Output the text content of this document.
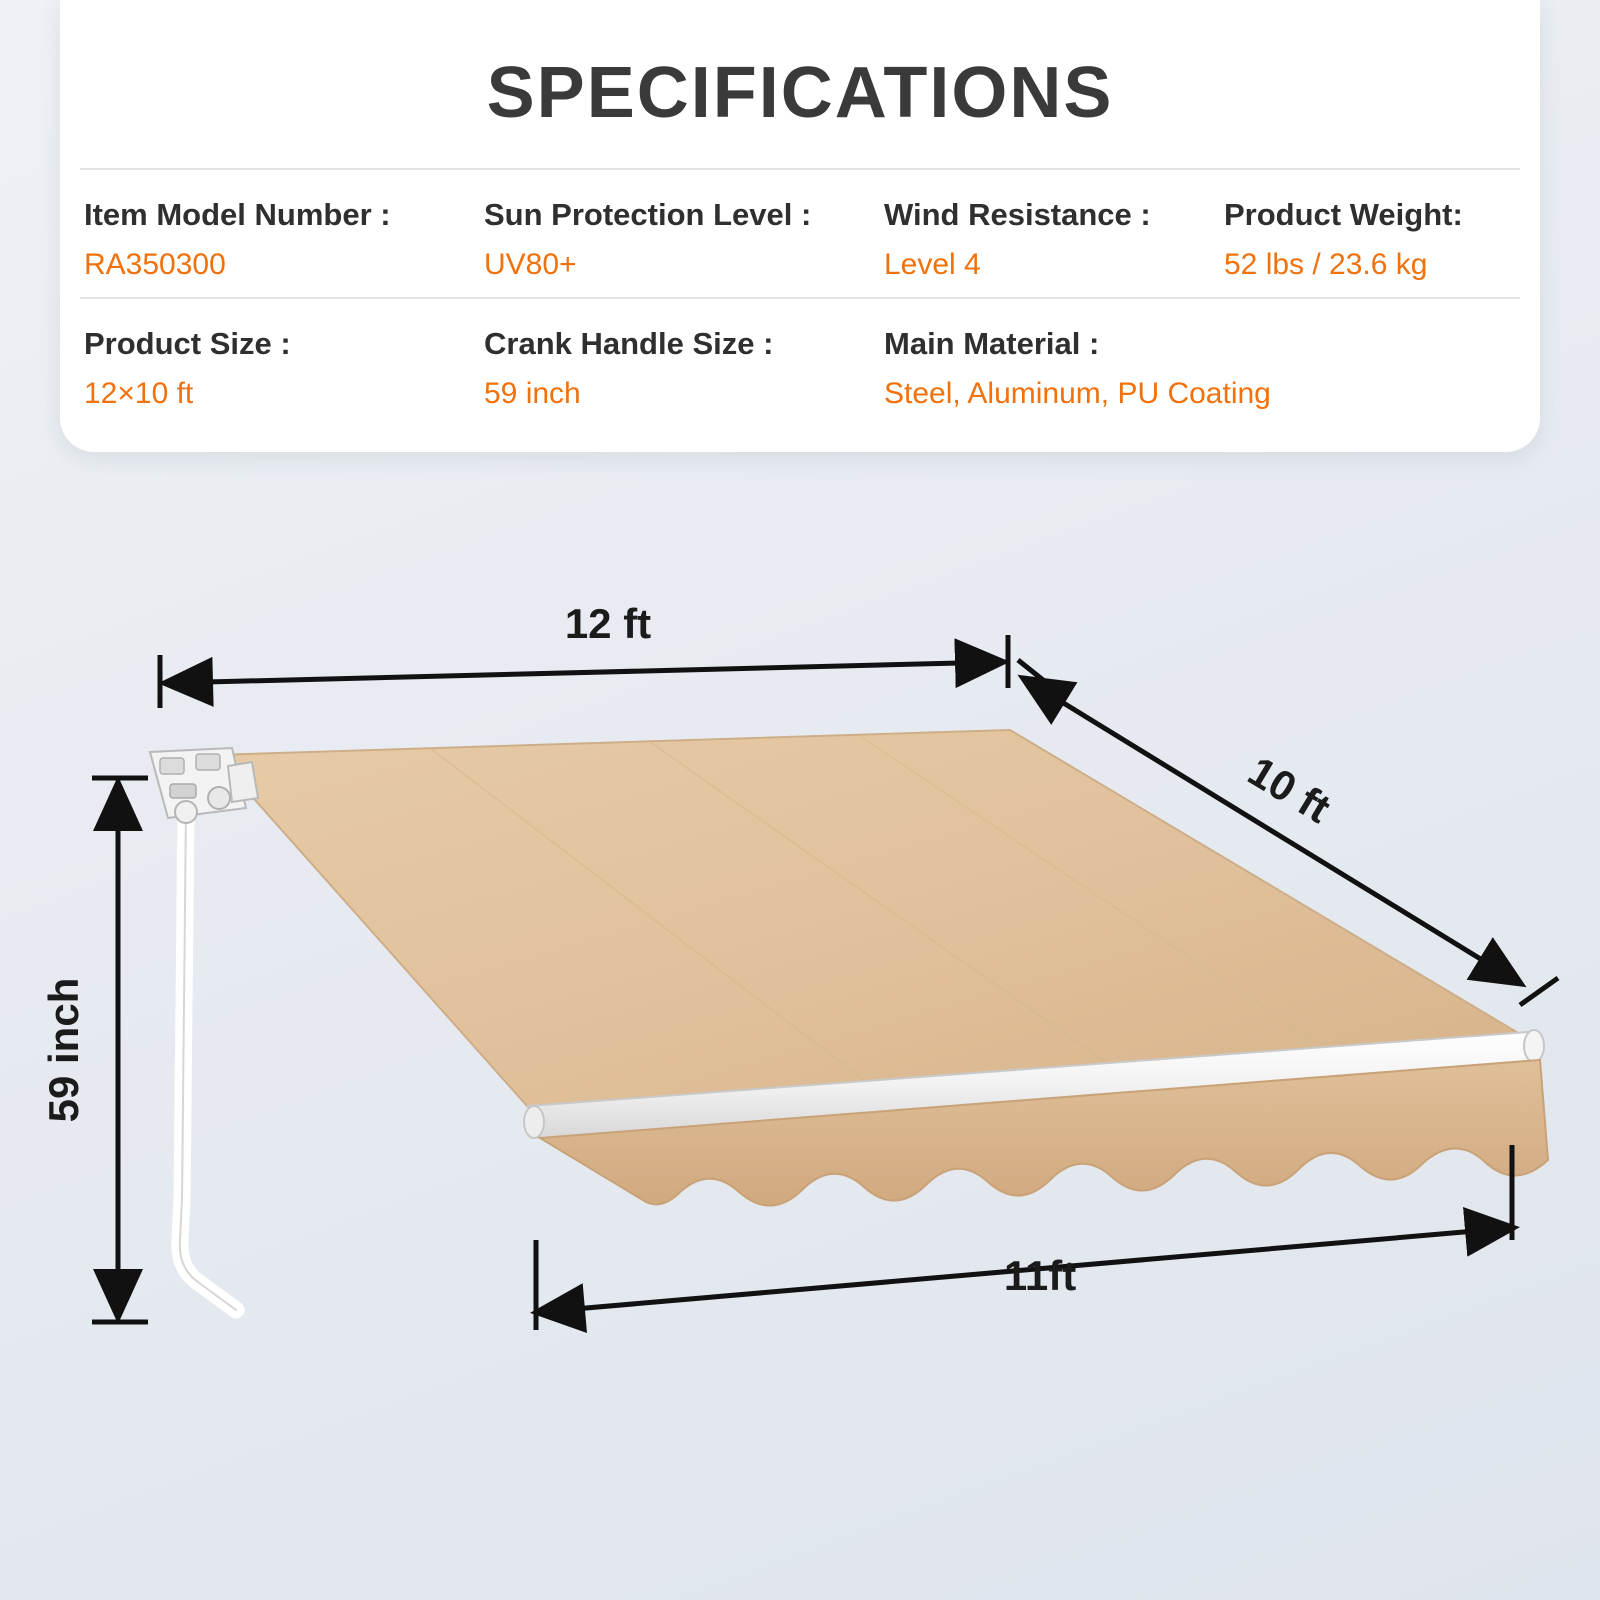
SPECIFICATIONS
Item Model Number :
RA350300
Sun Protection Level :
UV80+
Wind Resistance :
Level 4
Product Weight:
52 lbs / 23.6 kg
Product Size :
12×10 ft
Crank Handle Size :
59 inch
Main Material :
Steel, Aluminum, PU Coating
12 ft
10 ft
59 inch
11ft
